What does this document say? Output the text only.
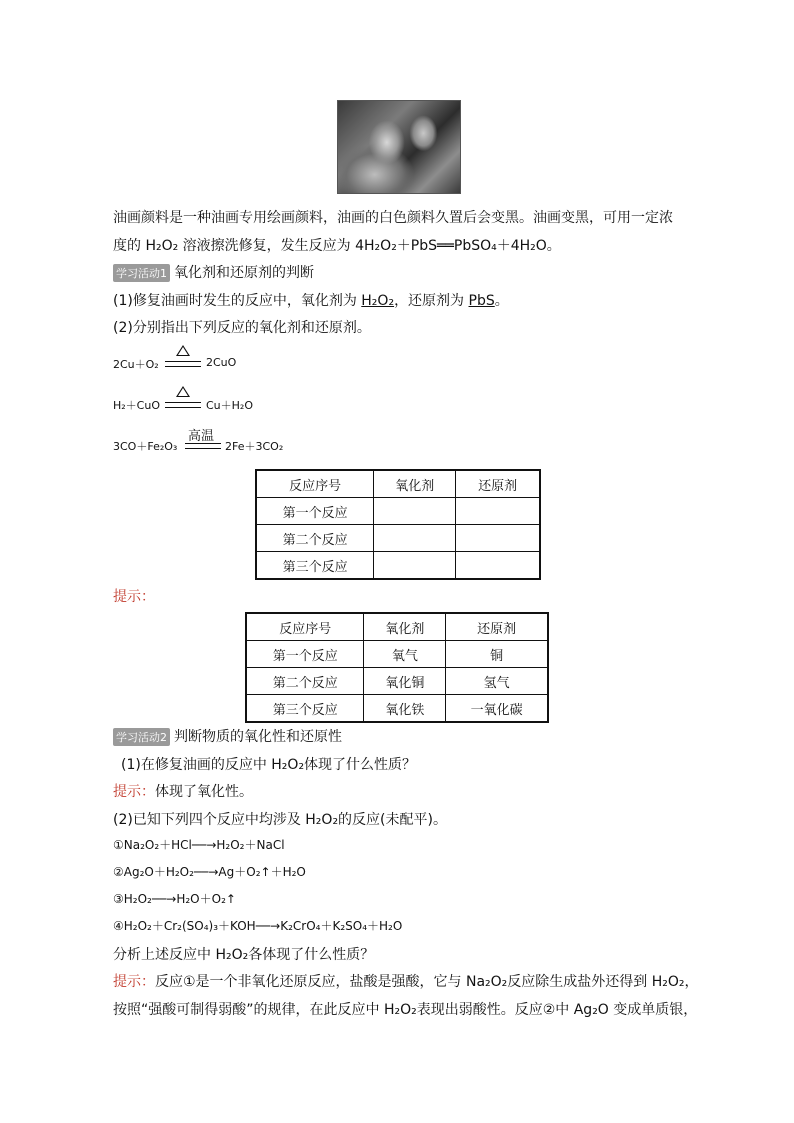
油画颜料是一种油画专用绘画颜料，油画的白色颜料久置后会变黑。油画变黑，可用一定浓
度的 H₂O₂ 溶液擦洗修复，发生反应为 4H₂O₂＋PbS══PbSO₄＋4H₂O。
学习活动1 氧化剂和还原剂的判断
(1)修复油画时发生的反应中，氧化剂为 H₂O₂，还原剂为 PbS。
(2)分别指出下列反应的氧化剂和还原剂。
2Cu＋O₂	2CuO
H₂＋CuO	Cu＋H₂O
3CO＋Fe₂O₃
高温
2Fe＋3CO₂
反应序号	氧化剂	还原剂
第一个反应		
第二个反应		
第三个反应		
提示：
反应序号	氧化剂	还原剂
第一个反应	氧气	铜
第二个反应	氧化铜	氢气
第三个反应	氧化铁	一氧化碳
学习活动2 判断物质的氧化性和还原性
(1)在修复油画的反应中 H₂O₂体现了什么性质？
提示：体现了氧化性。
(2)已知下列四个反应中均涉及 H₂O₂的反应(未配平)。
①Na₂O₂＋HCl──→H₂O₂＋NaCl
②Ag₂O＋H₂O₂──→Ag＋O₂↑＋H₂O
③H₂O₂──→H₂O＋O₂↑
④H₂O₂＋Cr₂(SO₄)₃＋KOH──→K₂CrO₄＋K₂SO₄＋H₂O
分析上述反应中 H₂O₂各体现了什么性质？
提示：反应①是一个非氧化还原反应，盐酸是强酸，它与 Na₂O₂反应除生成盐外还得到 H₂O₂，
按照“强酸可制得弱酸”的规律，在此反应中 H₂O₂表现出弱酸性。反应②中 Ag₂O 变成单质银，
